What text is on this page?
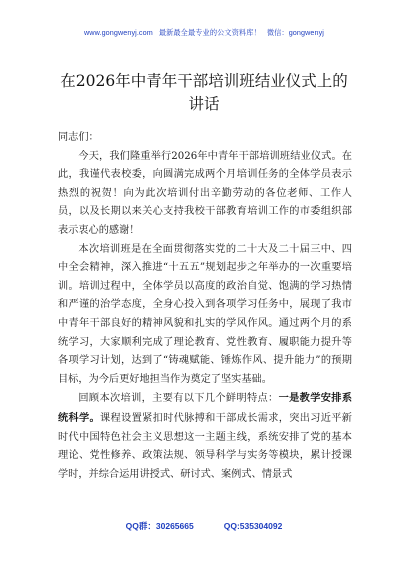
www.gongwenyj.com 最新最全最专业的公文资料库！ 微信：gongwenyj
在2026年中青年干部培训班结业仪式上的讲话

同志们：

今天，我们隆重举行2026年中青年干部培训班结业仪式。在此，我谨代表校委，向圆满完成两个月培训任务的全体学员表示热烈的祝贺！向为此次培训付出辛勤劳动的各位老师、工作人员，以及长期以来关心支持我校干部教育培训工作的市委组织部表示衷心的感谢！

本次培训班是在全面贯彻落实党的二十大及二十届三中、四中全会精神，深入推进“十五五”规划起步之年举办的一次重要培训。培训过程中，全体学员以高度的政治自觉、饱满的学习热情和严谨的治学态度，全身心投入到各项学习任务中，展现了我市中青年干部良好的精神风貌和扎实的学风作风。通过两个月的系统学习，大家顺利完成了理论教育、党性教育、履职能力提升等各项学习计划，达到了“铸魂赋能、锤炼作风、提升能力”的预期目标，为今后更好地担当作为奠定了坚实基础。

回顾本次培训，主要有以下几个鲜明特点：一是教学安排系统科学。课程设置紧扣时代脉搏和干部成长需求，突出习近平新时代中国特色社会主义思想这一主题主线，系统安排了党的基本理论、党性修养、政策法规、领导科学与实务等模块，累计授课学时，并综合运用讲授式、研讨式、案例式、情景式

QQ群：30265665	QQ:535304092
